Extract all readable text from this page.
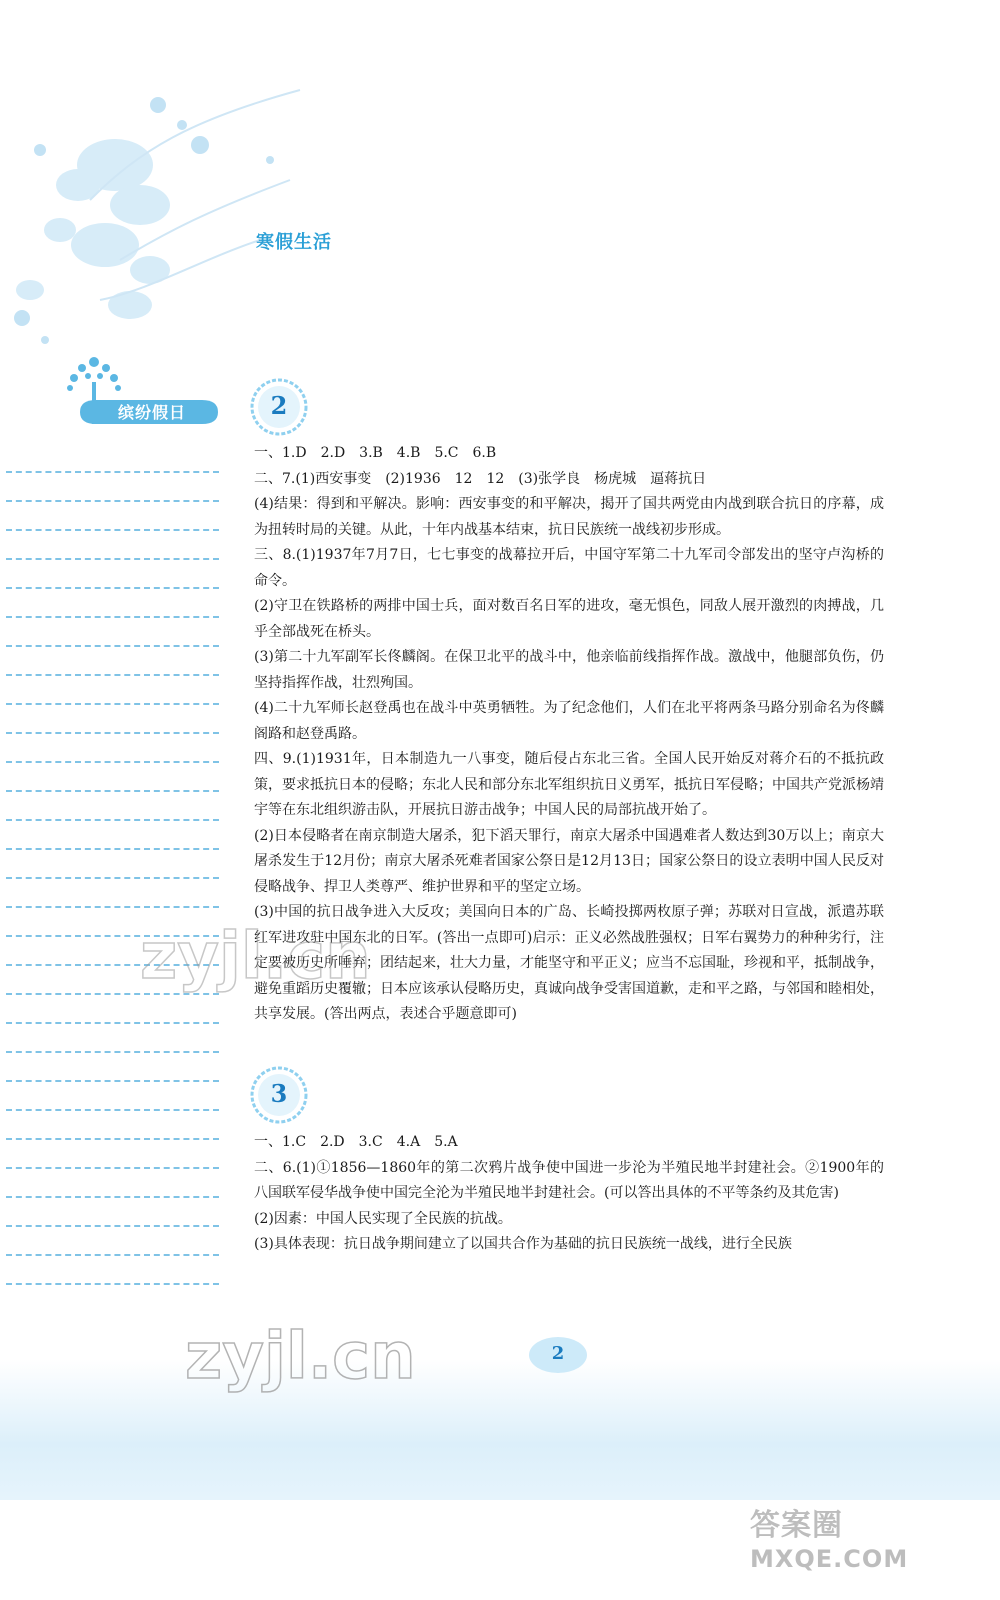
寒假生活
缤纷假日	2

一、1.D　2.D　3.B　4.B　5.C　6.B

二、7.(1)西安事变　(2)1936　12　12　(3)张学良　杨虎城　逼蒋抗日

(4)结果：得到和平解决。影响：西安事变的和平解决，揭开了国共两党由内战到联合抗日的序幕，成为扭转时局的关键。从此，十年内战基本结束，抗日民族统一战线初步形成。

三、8.(1)1937年7月7日，七七事变的战幕拉开后，中国守军第二十九军司令部发出的坚守卢沟桥的命令。

(2)守卫在铁路桥的两排中国士兵，面对数百名日军的进攻，毫无惧色，同敌人展开激烈的肉搏战，几乎全部战死在桥头。

(3)第二十九军副军长佟麟阁。在保卫北平的战斗中，他亲临前线指挥作战。激战中，他腿部负伤，仍坚持指挥作战，壮烈殉国。

(4)二十九军师长赵登禹也在战斗中英勇牺牲。为了纪念他们，人们在北平将两条马路分别命名为佟麟阁路和赵登禹路。

四、9.(1)1931年，日本制造九一八事变，随后侵占东北三省。全国人民开始反对蒋介石的不抵抗政策，要求抵抗日本的侵略；东北人民和部分东北军组织抗日义勇军，抵抗日军侵略；中国共产党派杨靖宇等在东北组织游击队，开展抗日游击战争；中国人民的局部抗战开始了。

(2)日本侵略者在南京制造大屠杀，犯下滔天罪行，南京大屠杀中国遇难者人数达到30万以上；南京大屠杀发生于12月份；南京大屠杀死难者国家公祭日是12月13日；国家公祭日的设立表明中国人民反对侵略战争、捍卫人类尊严、维护世界和平的坚定立场。

(3)中国的抗日战争进入大反攻；美国向日本的广岛、长崎投掷两枚原子弹；苏联对日宣战，派遣苏联红军进攻驻中国东北的日军。(答出一点即可)启示：正义必然战胜强权；日军右翼势力的种种劣行，注定要被历史所唾弃；团结起来，壮大力量，才能坚守和平正义；应当不忘国耻，珍视和平，抵制战争，避免重蹈历史覆辙；日本应该承认侵略历史，真诚向战争受害国道歉，走和平之路，与邻国和睦相处，共享发展。(答出两点，表述合乎题意即可)

3

一、1.C　2.D　3.C　4.A　5.A

二、6.(1)①1856—1860年的第二次鸦片战争使中国进一步沦为半殖民地半封建社会。②1900年的八国联军侵华战争使中国完全沦为半殖民地半封建社会。(可以答出具体的不平等条约及其危害)

(2)因素：中国人民实现了全民族的抗战。

(3)具体表现：抗日战争期间建立了以国共合作为基础的抗日民族统一战线，进行全民族

2
zyjl.cn
zyjl.cn
答案圈
MXQE.COM
